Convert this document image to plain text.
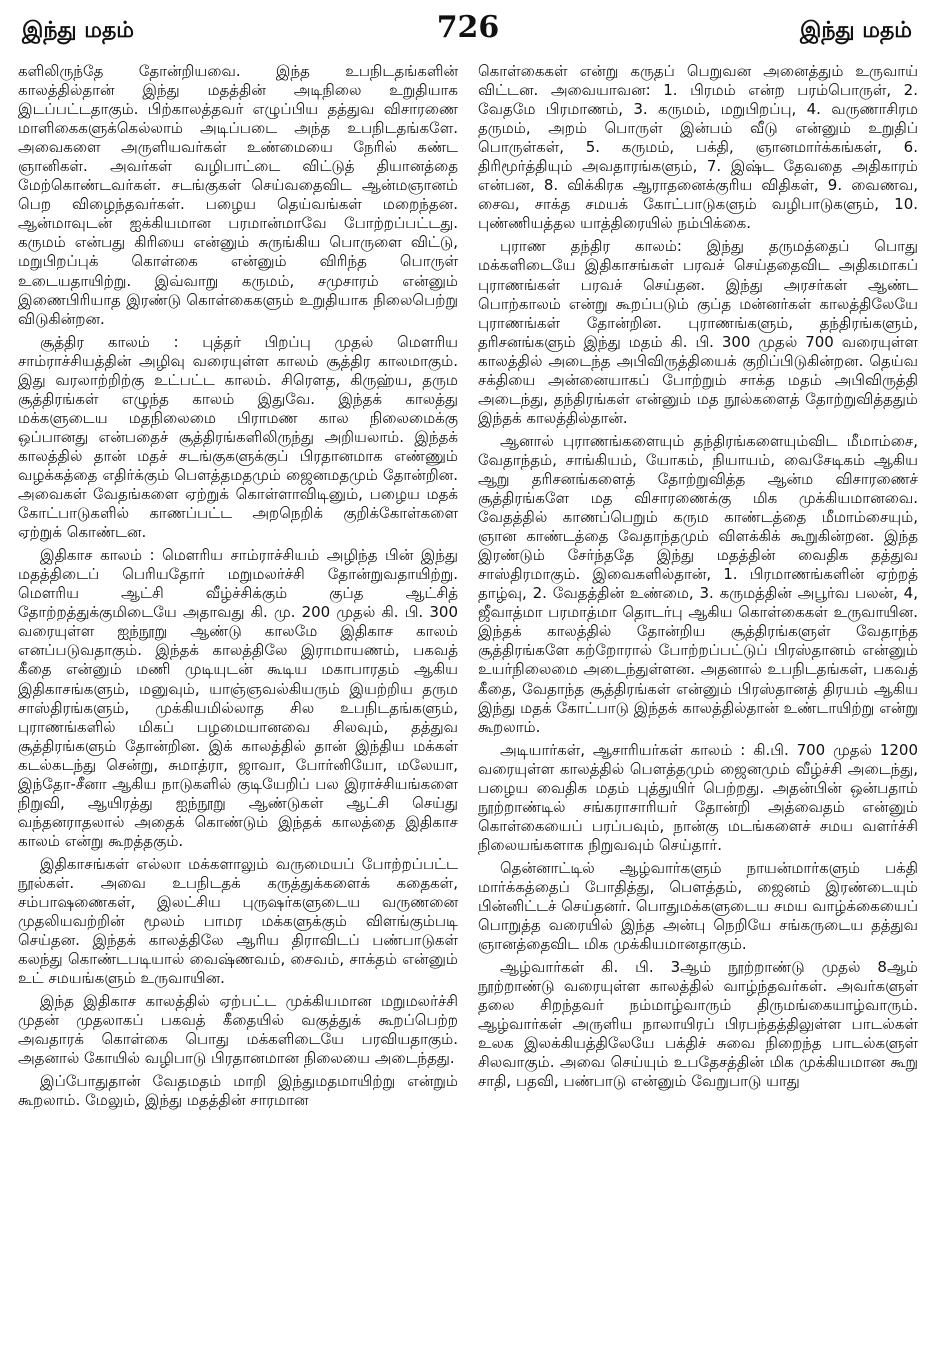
இந்து மதம்	726	இந்து மதம்

களிலிருந்தே தோன்றியவை. இந்த உபநிடதங்களின் காலத்தில்தான் இந்து மதத்தின் அடிநிலை உறுதியாக இடப்பட்டதாகும். பிற்காலத்தவர் எழுப்பிய தத்துவ விசாரணை மாளிகைகளுக்கெல்லாம் அடிப்படை அந்த உபநிடதங்களே. அவைகளை அருளியவர்கள் உண்மையை நேரில் கண்ட ஞானிகள். அவர்கள் வழிபாட்டை விட்டுத் தியானத்தை மேற்கொண்டவர்கள். சடங்குகள் செய்வதைவிட ஆன்மஞானம் பெற விழைந்தவர்கள். பழைய தெய்வங்கள் மறைந்தன. ஆன்மாவுடன் ஐக்கியமான பரமான்மாவே போற்றப்பட்டது. கருமம் என்பது கிரியை என்னும் சுருங்கிய பொருளை விட்டு, மறுபிறப்புக் கொள்கை என்னும் விரிந்த பொருள் உடையதாயிற்று. இவ்வாறு கருமம், சமுசாரம் என்னும் இணைபிரியாத இரண்டு கொள்கைகளும் உறுதியாக நிலைபெற்று விடுகின்றன.

சூத்திர காலம் : புத்தர் பிறப்பு முதல் மௌரிய சாம்ராச்சியத்தின் அழிவு வரையுள்ள காலம் சூத்திர காலமாகும். இது வரலாற்றிற்கு உட்பட்ட காலம். சிரௌத, கிருஹ்ய, தரும சூத்திரங்கள் எழுந்த காலம் இதுவே. இந்தக் காலத்து மக்களுடைய மதநிலைமை பிராமண கால நிலைமைக்கு ஒப்பானது என்பதைச் சூத்திரங்களிலிருந்து அறியலாம். இந்தக் காலத்தில் தான் மதச் சடங்குகளுக்குப் பிரதானமாக எண்ணும் வழக்கத்தை எதிர்க்கும் பௌத்தமதமும் ஜைனமதமும் தோன்றின. அவைகள் வேதங்களை ஏற்றுக் கொள்ளாவிடினும், பழைய மதக் கோட்பாடுகளில் காணப்பட்ட அறநெறிக் குறிக்கோள்களை ஏற்றுக் கொண்டன.

இதிகாச காலம் : மௌரிய சாம்ராச்சியம் அழிந்த பின் இந்து மதத்திடைப் பெரியதோர் மறுமலர்ச்சி தோன்றுவதாயிற்று. மௌரிய ஆட்சி வீழ்ச்சிக்கும் குப்த ஆட்சித் தோற்றத்துக்குமிடையே அதாவது கி. மு. 200 முதல் கி. பி. 300 வரையுள்ள ஐந்நூறு ஆண்டு காலமே இதிகாச காலம் எனப்படுவதாகும். இந்தக் காலத்திலே இராமாயணம், பகவத் கீதை என்னும் மணி முடியுடன் கூடிய மகாபாரதம் ஆகிய இதிகாசங்களும், மனுவும், யாஞ்ஞவல்கியரும் இயற்றிய தரும சாஸ்திரங்களும், முக்கியமில்லாத சில உபநிடதங்களும், புராணங்களில் மிகப் பழமையானவை சிலவும், தத்துவ சூத்திரங்களும் தோன்றின. இக் காலத்தில் தான் இந்திய மக்கள் கடல்கடந்து சென்று, சுமாத்ரா, ஜாவா, போர்னியோ, மலேயா, இந்தோ-சீனா ஆகிய நாடுகளில் குடியேறிப் பல இராச்சியங்களை நிறுவி, ஆயிரத்து ஐந்நூறு ஆண்டுகள் ஆட்சி செய்து வந்தனராதலால் அதைக் கொண்டும் இந்தக் காலத்தை இதிகாச காலம் என்று கூறத்தகும்.

இதிகாசங்கள் எல்லா மக்களாலும் வருமையப் போற்றப்பட்ட நூல்கள். அவை உபநிடதக் கருத்துக்களைக் கதைகள், சம்பாஷணைகள், இலட்சிய புருஷர்களுடைய வருணனை முதலியவற்றின் மூலம் பாமர மக்களுக்கும் விளங்கும்படி செய்தன. இந்தக் காலத்திலே ஆரிய திராவிடப் பண்பாடுகள் கலந்து கொண்டபடியால் வைஷ்ணவம், சைவம், சாக்தம் என்னும் உட் சமயங்களும் உருவாயின.

இந்த இதிகாச காலத்தில் ஏற்பட்ட முக்கியமான மறுமலர்ச்சி முதன் முதலாகப் பகவத் கீதையில் வகுத்துக் கூறப்பெற்ற அவதாரக் கொள்கை பொது மக்களிடையே பரவியதாகும். அதனால் கோயில் வழிபாடு பிரதானமான நிலையை அடைந்தது.

இப்போதுதான் வேதமதம் மாறி இந்துமதமாயிற்று என்றும் கூறலாம். மேலும், இந்து மதத்தின் சாரமான

கொள்கைகள் என்று கருதப் பெறுவன அனைத்தும் உருவாய் விட்டன. அவையாவன: 1. பிரமம் என்ற பரம்பொருள், 2. வேதமே பிரமாணம், 3. கருமம், மறுபிறப்பு, 4. வருணாசிரம தருமம், அறம் பொருள் இன்பம் வீடு என்னும் உறுதிப் பொருள்கள், 5. கருமம், பக்தி, ஞானமார்க்கங்கள், 6. திரிமூர்த்தியும் அவதாரங்களும், 7. இஷ்ட தேவதை அதிகாரம் என்பன, 8. விக்கிரக ஆராதனைக்குரிய விதிகள், 9. வைணவ, சைவ, சாக்த சமயக் கோட்பாடுகளும் வழிபாடுகளும், 10. புண்ணியத்தல யாத்திரையில் நம்பிக்கை.

புராண தந்திர காலம்: இந்து தருமத்தைப் பொது மக்களிடையே இதிகாசங்கள் பரவச் செய்ததைவிட அதிகமாகப் புராணங்கள் பரவச் செய்தன. இந்து அரசர்கள் ஆண்ட பொற்காலம் என்று கூறப்படும் குப்த மன்னர்கள் காலத்திலேயே புராணங்கள் தோன்றின. புராணங்களும், தந்திரங்களும், தரிசனங்களும் இந்து மதம் கி. பி. 300 முதல் 700 வரையுள்ள காலத்தில் அடைந்த அபிவிருத்தியைக் குறிப்பிடுகின்றன. தெய்வ சக்தியை அன்னையாகப் போற்றும் சாக்த மதம் அபிவிருத்தி அடைந்து, தந்திரங்கள் என்னும் மத நூல்களைத் தோற்றுவித்ததும் இந்தக் காலத்தில்தான்.

ஆனால் புராணங்களையும் தந்திரங்களையும்விட மீமாம்சை, வேதாந்தம், சாங்கியம், யோகம், நியாயம், வைசேடிகம் ஆகிய ஆறு தரிசனங்களைத் தோற்றுவித்த ஆன்ம விசாரணைச் சூத்திரங்களே மத விசாரணைக்கு மிக முக்கியமானவை. வேதத்தில் காணப்பெறும் கரும காண்டத்தை மீமாம்சையும், ஞான காண்டத்தை வேதாந்தமும் விளக்கிக் கூறுகின்றன. இந்த இரண்டும் சேர்ந்ததே இந்து மதத்தின் வைதிக தத்துவ சாஸ்திரமாகும். இவைகளில்தான், 1. பிரமாணங்களின் ஏற்றத் தாழ்வு, 2. வேதத்தின் உண்மை, 3. கருமத்தின் அபூர்வ பலன், 4, ஜீவாத்மா பரமாத்மா தொடர்பு ஆகிய கொள்கைகள் உருவாயின. இந்தக் காலத்தில் தோன்றிய சூத்திரங்களுள் வேதாந்த சூத்திரங்களே கற்றோரால் போற்றப்பட்டுப் பிரஸ்தானம் என்னும் உயர்நிலைமை அடைந்துள்ளன. அதனால் உபநிடதங்கள், பகவத் கீதை, வேதாந்த சூத்திரங்கள் என்னும் பிரஸ்தானத் திரயம் ஆகிய இந்து மதக் கோட்பாடு இந்தக் காலத்தில்தான் உண்டாயிற்று என்று கூறலாம்.

அடியார்கள், ஆசாரியர்கள் காலம் : கி.பி. 700 முதல் 1200 வரையுள்ள காலத்தில் பௌத்தமும் ஜைனமும் வீழ்ச்சி அடைந்து, பழைய வைதிக மதம் புத்துயிர் பெற்றது. அதன்பின் ஒன்பதாம் நூற்றாண்டில் சங்கராசாரியர் தோன்றி அத்வைதம் என்னும் கொள்கையைப் பரப்பவும், நான்கு மடங்களைச் சமய வளர்ச்சி நிலையங்களாக நிறுவவும் செய்தார்.

தென்னாட்டில் ஆழ்வார்களும் நாயன்மார்களும் பக்தி மார்க்கத்தைப் போதித்து, பௌத்தம், ஜைனம் இரண்டையும் பின்னிட்டச் செய்தனர். பொதுமக்களுடைய சமய வாழ்க்கையைப் பொறுத்த வரையில் இந்த அன்பு நெறியே சங்கருடைய தத்துவ ஞானத்தைவிட மிக முக்கியமானதாகும்.

ஆழ்வார்கள் கி. பி. 3ஆம் நூற்றாண்டு முதல் 8ஆம் நூற்றாண்டு வரையுள்ள காலத்தில் வாழ்ந்தவர்கள். அவர்களுள் தலை சிறந்தவர் நம்மாழ்வாரும் திருமங்கையாழ்வாரும். ஆழ்வார்கள் அருளிய நாலாயிரப் பிரபந்தத்திலுள்ள பாடல்கள் உலக இலக்கியத்திலேயே பக்திச் சுவை நிறைந்த பாடல்களுள் சிலவாகும். அவை செய்யும் உபதேசத்தின் மிக முக்கியமான கூறு சாதி, பதவி, பண்பாடு என்னும் வேறுபாடு யாது
